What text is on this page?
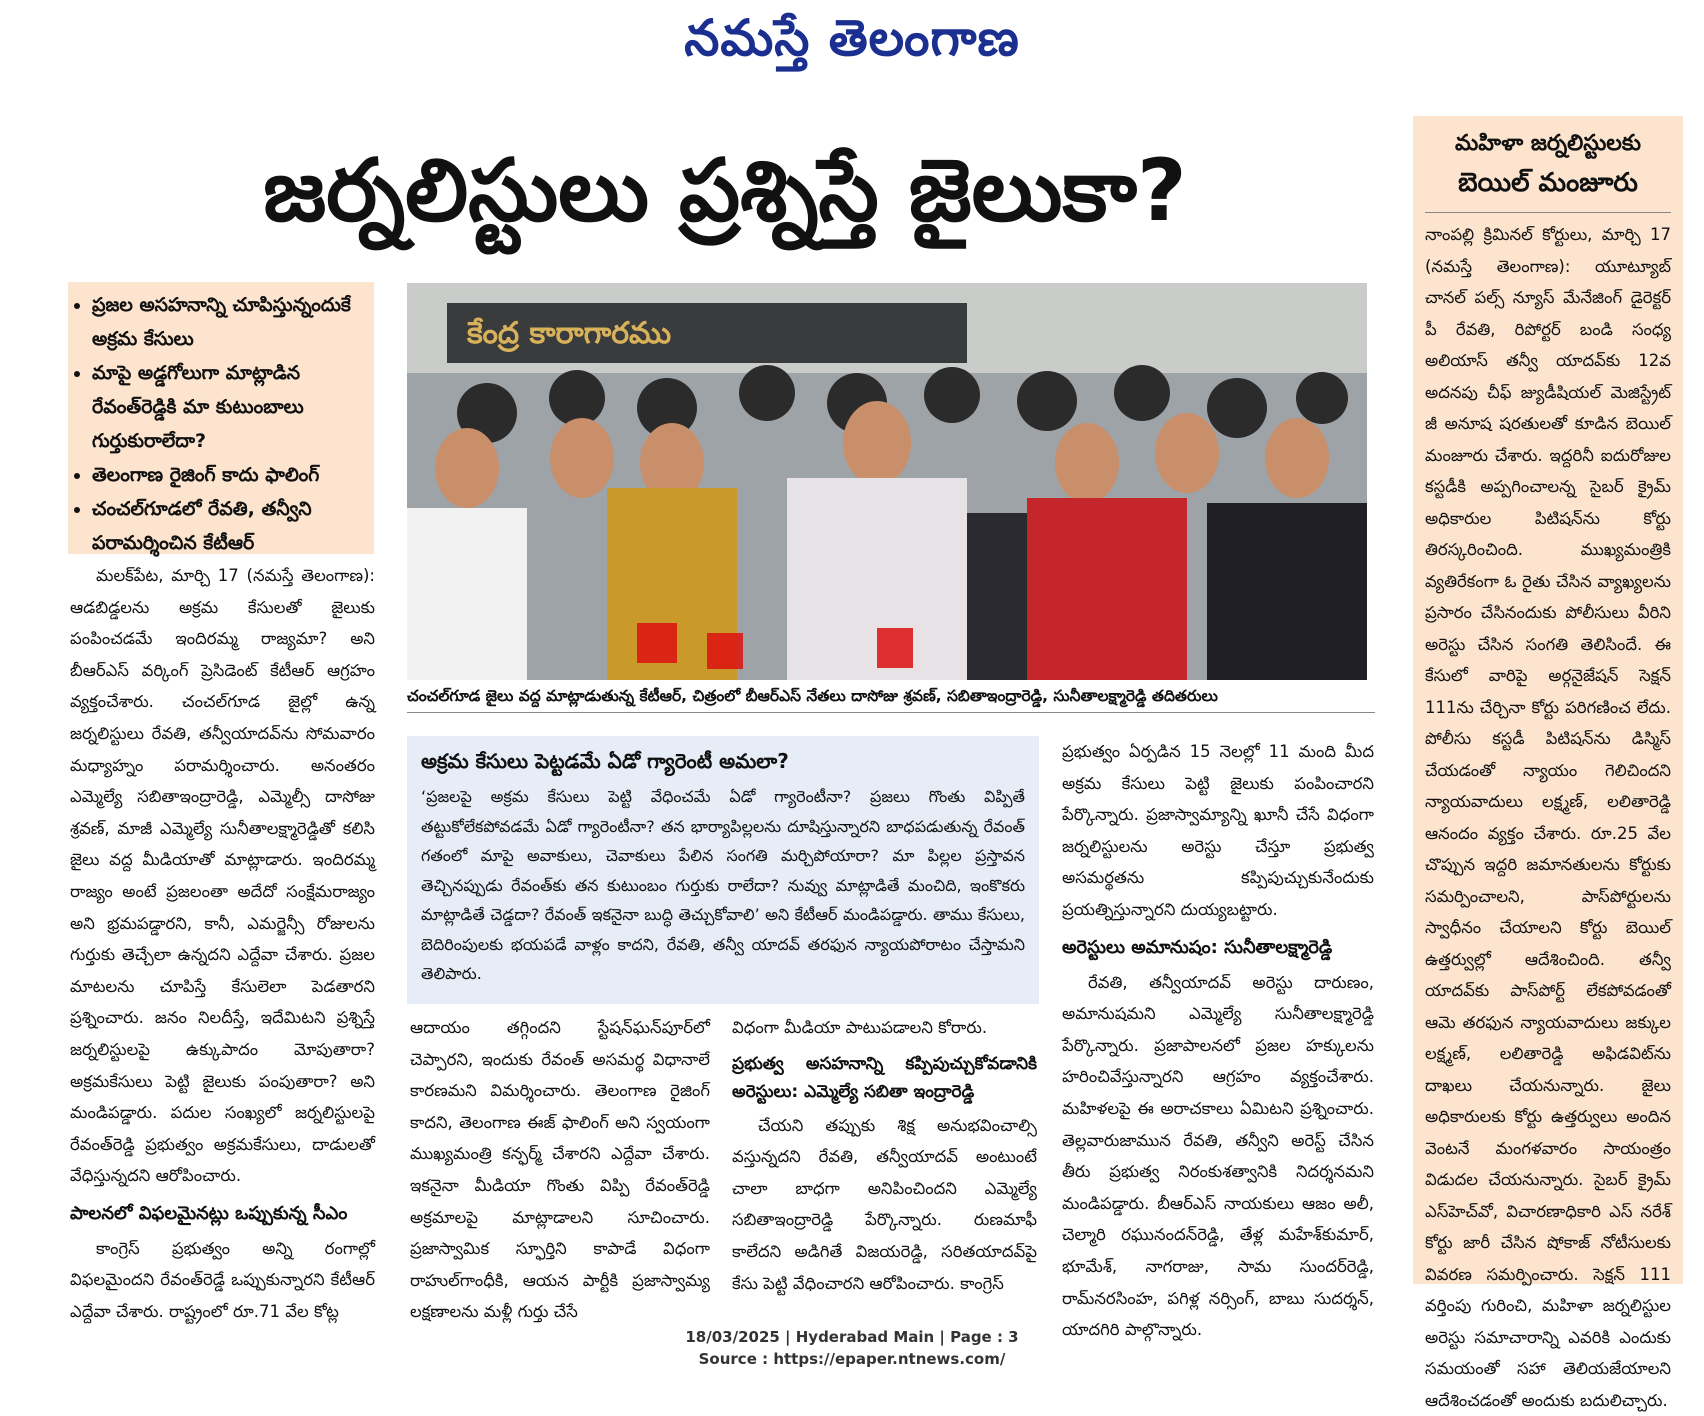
నమస్తే తెలంగాణ
జర్నలిస్టులు ప్రశ్నిస్తే జైలుకా?
• ప్రజల అసహనాన్ని చూపిస్తున్నందుకే అక్రమ కేసులు
• మాపై అడ్డగోలుగా మాట్లాడిన రేవంత్‌రెడ్డికి మా కుటుంబాలు గుర్తుకురాలేదా?
• తెలంగాణ రైజింగ్ కాదు ఫాలింగ్
• చంచల్‌గూడలో రేవతి, తన్వీని పరామర్శించిన కేటీఆర్

మలక్‌పేట, మార్చి 17 (నమస్తే తెలంగాణ): ఆడబిడ్డలను అక్రమ కేసులతో జైలుకు పంపించడమే ఇందిరమ్మ రాజ్యమా? అని బీఆర్‌ఎస్ వర్కింగ్ ప్రెసిడెంట్ కేటీఆర్ ఆగ్రహం వ్యక్తంచేశారు. చంచల్‌గూడ జైల్లో ఉన్న జర్నలిస్టులు రేవతి, తన్వీయాదవ్‌ను సోమవారం మధ్యాహ్నం పరామర్శించారు. అనంతరం ఎమ్మెల్యే సబితాఇంద్రారెడ్డి, ఎమ్మెల్సీ దాసోజు శ్రవణ్, మాజీ ఎమ్మెల్యే సునీతాలక్ష్మారెడ్డితో కలిసి జైలు వద్ద మీడియాతో మాట్లాడారు. ఇందిరమ్మ రాజ్యం అంటే ప్రజలంతా అదేదో సంక్షేమరాజ్యం అని భ్రమపడ్డారని, కానీ, ఎమర్జెన్సీ రోజులను గుర్తుకు తెచ్చేలా ఉన్నదని ఎద్దేవా చేశారు. ప్రజల మాటలను చూపిస్తే కేసులెలా పెడతారని ప్రశ్నించారు. జనం నిలదీస్తే, ఇదేమిటని ప్రశ్నిస్తే జర్నలిస్టులపై ఉక్కుపాదం మోపుతారా? అక్రమకేసులు పెట్టి జైలుకు పంపుతారా? అని మండిపడ్డారు. పదుల సంఖ్యలో జర్నలిస్టులపై రేవంత్‌రెడ్డి ప్రభుత్వం అక్రమకేసులు, దాడులతో వేధిస్తున్నదని ఆరోపించారు.

పాలనలో విఫలమైనట్లు ఒప్పుకున్న సీఎం

కాంగ్రెస్ ప్రభుత్వం అన్ని రంగాల్లో విఫలమైందని రేవంత్‌రెడ్డే ఒప్పుకున్నారని కేటీఆర్ ఎద్దేవా చేశారు. రాష్ట్రంలో రూ.71 వేల కోట్ల

కేంద్ర కారాగారము
చంచల్‌గూడ జైలు వద్ద మాట్లాడుతున్న కేటీఆర్, చిత్రంలో బీఆర్‌ఎస్ నేతలు దాసోజు శ్రవణ్, సబితాఇంద్రారెడ్డి, సునీతాలక్ష్మారెడ్డి తదితరులు
అక్రమ కేసులు పెట్టడమే ఏడో గ్యారెంటీ అమలా?
‘ప్రజలపై అక్రమ కేసులు పెట్టి వేధించమే ఏడో గ్యారెంటీనా? ప్రజలు గొంతు విప్పితే తట్టుకోలేకపోవడమే ఏడో గ్యారెంటీనా? తన భార్యాపిల్లలను దూషిస్తున్నారని బాధపడుతున్న రేవంత్ గతంలో మాపై అవాకులు, చెవాకులు పేలిన సంగతి మర్చిపోయారా? మా పిల్లల ప్రస్తావన తెచ్చినప్పుడు రేవంత్‌కు తన కుటుంబం గుర్తుకు రాలేదా? నువ్వు మాట్లాడితే మంచిది, ఇంకొకరు మాట్లాడితే చెడ్డదా? రేవంత్ ఇకనైనా బుద్ధి తెచ్చుకోవాలి’ అని కేటీఆర్ మండిపడ్డారు. తాము కేసులు, బెదిరింపులకు భయపడే వాళ్లం కాదని, రేవతి, తన్వీ యాదవ్ తరఫున న్యాయపోరాటం చేస్తామని తెలిపారు.

ఆదాయం తగ్గిందని స్టేషన్‌ఘన్‌పూర్‌లో చెప్పారని, ఇందుకు రేవంత్ అసమర్థ విధానాలే కారణమని విమర్శించారు. తెలంగాణ రైజింగ్ కాదని, తెలంగాణ ఈజ్ ఫాలింగ్ అని స్వయంగా ముఖ్యమంత్రి కన్ఫర్మ్ చేశారని ఎద్దేవా చేశారు. ఇకనైనా మీడియా గొంతు విప్పి రేవంత్‌రెడ్డి అక్రమాలపై మాట్లాడాలని సూచించారు. ప్రజాస్వామిక స్ఫూర్తిని కాపాడే విధంగా రాహుల్‌గాంధీకి, ఆయన పార్టీకి ప్రజాస్వామ్య లక్షణాలను మళ్లీ గుర్తు చేసే

విధంగా మీడియా పాటుపడాలని కోరారు.

ప్రభుత్వ అసహనాన్ని కప్పిపుచ్చుకోవడానికి అరెస్టులు: ఎమ్మెల్యే సబితా ఇంద్రారెడ్డి

చేయని తప్పుకు శిక్ష అనుభవించాల్సి వస్తున్నదని రేవతి, తన్వీయాదవ్ అంటుంటే చాలా బాధగా అనిపించిందని ఎమ్మెల్యే సబితాఇంద్రారెడ్డి పేర్కొన్నారు. రుణమాఫీ కాలేదని అడిగితే విజయరెడ్డి, సరితయాదవ్‌పై కేసు పెట్టి వేధించారని ఆరోపించారు. కాంగ్రెస్

ప్రభుత్వం ఏర్పడిన 15 నెలల్లో 11 మంది మీద అక్రమ కేసులు పెట్టి జైలుకు పంపించారని పేర్కొన్నారు. ప్రజాస్వామ్యాన్ని ఖూనీ చేసే విధంగా జర్నలిస్టులను అరెస్టు చేస్తూ ప్రభుత్వ అసమర్థతను కప్పిపుచ్చుకునేందుకు ప్రయత్నిస్తున్నారని దుయ్యబట్టారు.

అరెస్టులు అమానుషం: సునీతాలక్ష్మారెడ్డి

రేవతి, తన్వీయాదవ్ అరెస్టు దారుణం, అమానుషమని ఎమ్మెల్యే సునీతాలక్ష్మారెడ్డి పేర్కొన్నారు. ప్రజాపాలనలో ప్రజల హక్కులను హరించివేస్తున్నారని ఆగ్రహం వ్యక్తంచేశారు. మహిళలపై ఈ అరాచకాలు ఏమిటని ప్రశ్నించారు. తెల్లవారుజామున రేవతి, తన్వీని అరెస్ట్ చేసిన తీరు ప్రభుత్వ నిరంకుశత్వానికి నిదర్శనమని మండిపడ్డారు. బీఆర్‌ఎస్ నాయకులు ఆజం అలీ, చెల్మారి రఘునందన్‌రెడ్డి, తేళ్ల మహేశ్‌కుమార్, భూమేశ్, నాగరాజు, సామ సుందర్‌రెడ్డి, రామ్‌నరసింహ, పగిళ్ల నర్సింగ్, బాబు సుదర్శన్, యాదగిరి పాల్గొన్నారు.

మహిళా జర్నలిస్టులకు
బెయిల్ మంజూరు
నాంపల్లి క్రిమినల్ కోర్టులు, మార్చి 17 (నమస్తే తెలంగాణ): యూట్యూబ్ చానల్ పల్స్ న్యూస్ మేనేజింగ్ డైరెక్టర్ పీ రేవతి, రిపోర్టర్ బండి సంధ్య అలియాస్ తన్వీ యాదవ్‌కు 12వ అదనపు చీఫ్ జ్యుడీషియల్ మెజిస్ట్రేట్ జీ అనూష షరతులతో కూడిన బెయిల్ మంజూరు చేశారు. ఇద్దరినీ ఐదురోజుల కస్టడీకి అప్పగించాలన్న సైబర్ క్రైమ్ అధికారుల పిటిషన్‌ను కోర్టు తిరస్కరించింది. ముఖ్యమంత్రికి వ్యతిరేకంగా ఓ రైతు చేసిన వ్యాఖ్యలను ప్రసారం చేసినందుకు పోలీసులు వీరిని అరెస్టు చేసిన సంగతి తెలిసిందే. ఈ కేసులో వారిపై అర్గనైజేషన్ సెక్షన్ 111ను చేర్చినా కోర్టు పరిగణించ లేదు. పోలీసు కస్టడీ పిటిషన్‌ను డిస్మిస్ చేయడంతో న్యాయం గెలిచిందని న్యాయవాదులు లక్ష్మణ్, లలితారెడ్డి ఆనందం వ్యక్తం చేశారు. రూ.25 వేల చొప్పున ఇద్దరి జమానతులను కోర్టుకు సమర్పించాలని, పాస్‌పోర్టులను స్వాధీనం చేయాలని కోర్టు బెయిల్ ఉత్తర్వుల్లో ఆదేశించింది. తన్వీ యాదవ్‌కు పాస్‌పోర్ట్ లేకపోవడంతో ఆమె తరఫున న్యాయవాదులు జక్కుల లక్ష్మణ్, లలితారెడ్డి అఫిడవిట్‌ను దాఖలు చేయనున్నారు. జైలు అధికారులకు కోర్టు ఉత్తర్వులు అందిన వెంటనే మంగళవారం సాయంత్రం విడుదల చేయనున్నారు. సైబర్ క్రైమ్ ఎస్‌హెచ్‌వో, విచారణాధికారి ఎస్ నరేశ్ కోర్టు జారీ చేసిన షోకాజ్ నోటీసులకు వివరణ సమర్పించారు. సెక్షన్ 111 వర్తింపు గురించి, మహిళా జర్నలిస్టుల అరెస్టు సమాచారాన్ని ఎవరికి ఎందుకు సమయంతో సహా తెలియజేయాలని ఆదేశించడంతో అందుకు బదులిచ్చారు.
18/03/2025 | Hyderabad Main | Page : 3
Source : https://epaper.ntnews.com/
